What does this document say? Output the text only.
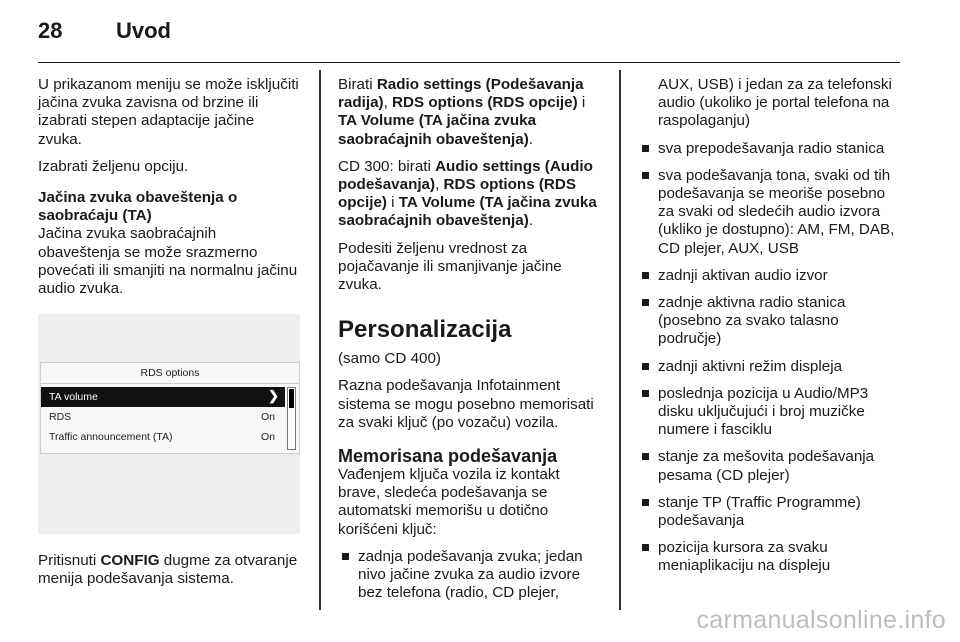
28 Uvod

U prikazanom meniju se može isključiti jačina zvuka zavisna od brzine ili izabrati stepen adaptacije jačine zvuka.

Izabrati željenu opciju.

Jačina zvuka obaveštenja o saobraćaju (TA)

Jačina zvuka saobraćajnih obaveštenja se može srazmerno povećati ili smanjiti na normalnu jačinu audio zvuka.

RDS options
TA volume	❯
RDS	On
Traffic announcement (TA)	On

Pritisnuti CONFIG dugme za otvaranje menija podešavanja sistema.

Birati Radio settings (Podešavanja radija), RDS options (RDS opcije) i TA Volume (TA jačina zvuka saobraćajnih obaveštenja).

CD 300: birati Audio settings (Audio podešavanja), RDS options (RDS opcije) i TA Volume (TA jačina zvuka saobraćajnih obaveštenja).

Podesiti željenu vrednost za pojačavanje ili smanjivanje jačine zvuka.

Personalizacija

(samo CD 400)

Razna podešavanja Infotainment sistema se mogu posebno memorisati za svaki ključ (po vozaču) vozila.

Memorisana podešavanja

Vađenjem ključa vozila iz kontakt brave, sledeća podešavanja se automatski memorišu u dotično korišćeni ključ:

zadnja podešavanja zvuka; jedan nivo jačine zvuka za audio izvore bez telefona (radio, CD plejer,
AUX, USB) i jedan za za telefonski audio (ukoliko je portal telefona na raspolaganju)
sva prepodešavanja radio stanica
sva podešavanja tona, svaki od tih podešavanja se meoriše posebno za svaki od sledećih audio izvora (ukliko je dostupno): AM, FM, DAB, CD plejer, AUX, USB
zadnji aktivan audio izvor
zadnje aktivna radio stanica (posebno za svako talasno područje)
zadnji aktivni režim displeja
poslednja pozicija u Audio/MP3 disku uključujući i broj muzičke numere i fasciklu
stanje za mešovita podešavanja pesama (CD plejer)
stanje TP (Traffic Programme) podešavanja
pozicija kursora za svaku meniaplikaciju na displeju
carmanualsonline.info
